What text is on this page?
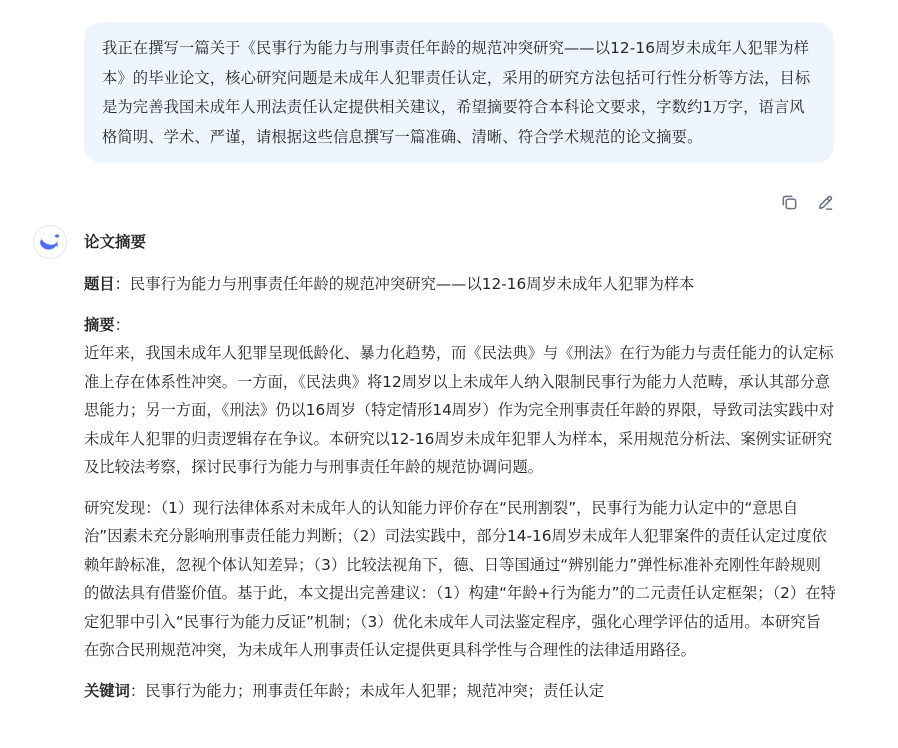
我正在撰写一篇关于《民事行为能力与刑事责任年龄的规范冲突研究——以12-16周岁未成年人犯罪为样本》的毕业论文，核心研究问题是未成年人犯罪责任认定，采用的研究方法包括可行性分析等方法，目标是为完善我国未成年人刑法责任认定提供相关建议，希望摘要符合本科论文要求，字数约1万字，语言风格简明、学术、严谨，请根据这些信息撰写一篇准确、清晰、符合学术规范的论文摘要。
论文摘要

题目：民事行为能力与刑事责任年龄的规范冲突研究——以12-16周岁未成年人犯罪为样本

摘要：
近年来，我国未成年人犯罪呈现低龄化、暴力化趋势，而《民法典》与《刑法》在行为能力与责任能力的认定标准上存在体系性冲突。一方面，《民法典》将12周岁以上未成年人纳入限制民事行为能力人范畴，承认其部分意思能力；另一方面，《刑法》仍以16周岁（特定情形14周岁）作为完全刑事责任年龄的界限，导致司法实践中对未成年人犯罪的归责逻辑存在争议。本研究以12-16周岁未成年犯罪人为样本，采用规范分析法、案例实证研究及比较法考察，探讨民事行为能力与刑事责任年龄的规范协调问题。

研究发现：（1）现行法律体系对未成年人的认知能力评价存在“民刑割裂”，民事行为能力认定中的“意思自治”因素未充分影响刑事责任能力判断；（2）司法实践中，部分14-16周岁未成年人犯罪案件的责任认定过度依赖年龄标准，忽视个体认知差异；（3）比较法视角下，德、日等国通过“辨别能力”弹性标准补充刚性年龄规则的做法具有借鉴价值。基于此，本文提出完善建议：（1）构建“年龄+行为能力”的二元责任认定框架；（2）在特定犯罪中引入“民事行为能力反证”机制；（3）优化未成年人司法鉴定程序，强化心理学评估的适用。本研究旨在弥合民刑规范冲突，为未成年人刑事责任认定提供更具科学性与合理性的法律适用路径。

关键词：民事行为能力；刑事责任年龄；未成年人犯罪；规范冲突；责任认定
